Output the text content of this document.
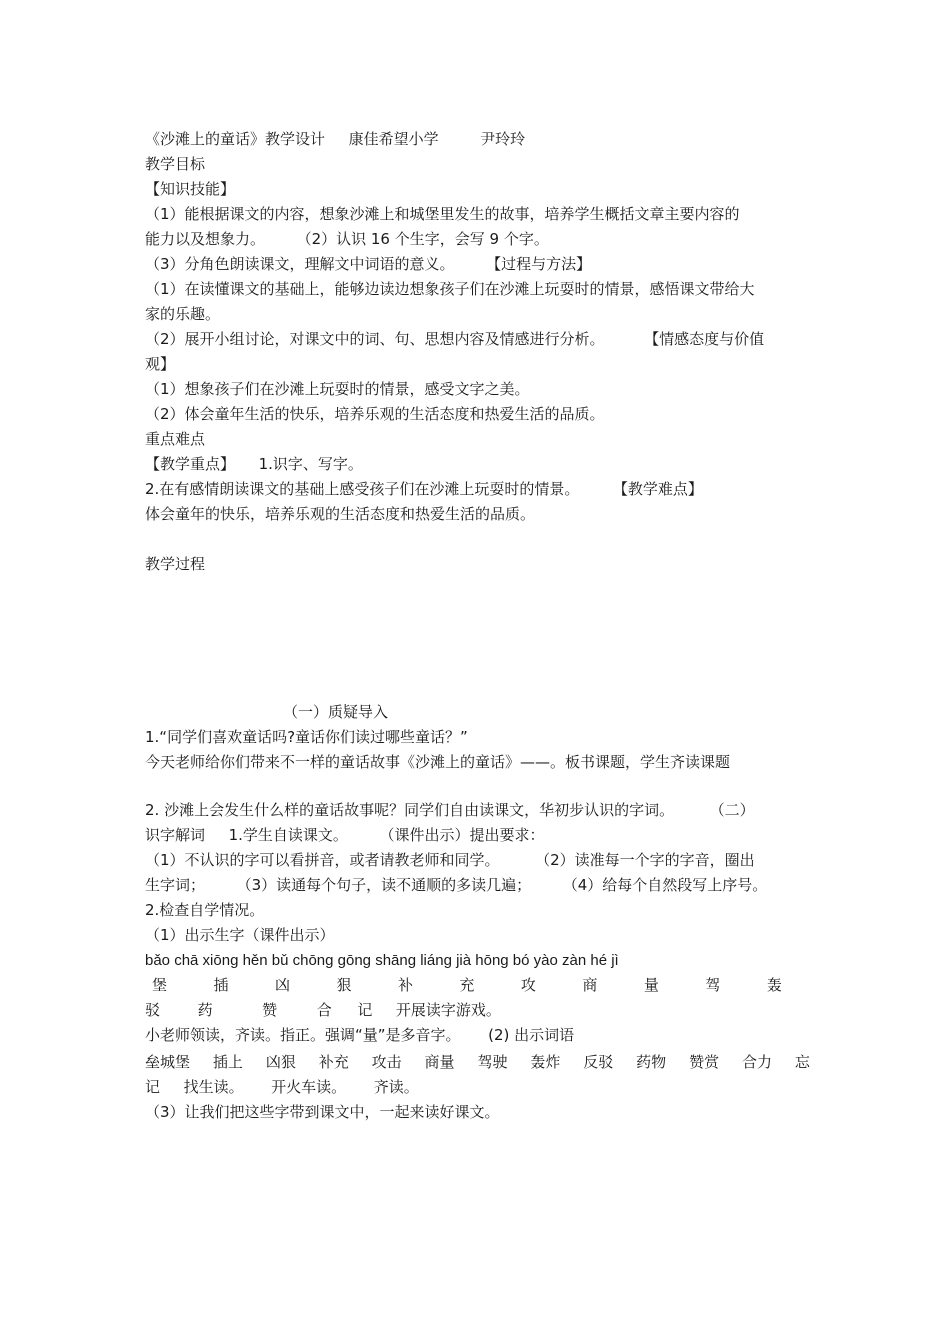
《沙滩上的童话》教学设计 康佳希望小学	尹玲玲
教学目标
【知识技能】
（1）能根据课文的内容，想象沙滩上和城堡里发生的故事，培养学生概括文章主要内容的
能力以及想象力。 （2）认识 16 个生字，会写 9 个字。
（3）分角色朗读课文，理解文中词语的意义。 【过程与方法】
（1）在读懂课文的基础上，能够边读边想象孩子们在沙滩上玩耍时的情景，感悟课文带给大
家的乐趣。
（2）展开小组讨论，对课文中的词、句、思想内容及情感进行分析。	【情感态度与价值
观】
（1）想象孩子们在沙滩上玩耍时的情景，感受文字之美。
（2）体会童年生活的快乐，培养乐观的生活态度和热爱生活的品质。
重点难点
【教学重点】 1.识字、写字。
2.在有感情朗读课文的基础上感受孩子们在沙滩上玩耍时的情景。 【教学难点】
体会童年的快乐，培养乐观的生活态度和热爱生活的品质。
教学过程
（一）质疑导入
1.“同学们喜欢童话吗?童话你们读过哪些童话？”
今天老师给你们带来不一样的童话故事《沙滩上的童话》——。板书课题，学生齐读课题
2. 沙滩上会发生什么样的童话故事呢？同学们自由读课文，华初步认识的字词。 （二）
识字解词 1.学生自读课文。 （课件出示）提出要求：
（1）不认识的字可以看拼音，或者请教老师和同学。 （2）读准每一个字的字音，圈出
生字词； （3）读通每个句子，读不通顺的多读几遍； （4）给每个自然段写上序号。
2.检查自学情况。
（1）出示生字（课件出示）
bǎo chā xiōng hěn bǔ chōng gōng shāng liáng jià hōng bó yào zàn hé jì
堡	插	凶	狠	补	充	攻	商	量	驾	轰
驳	药	赞	合 记 开展读字游戏。
小老师领读，齐读。指正。强调“量”是多音字。 (2) 出示词语
垒城堡 插上 凶狠 补充 攻击 商量 驾驶 轰炸 反驳 药物 赞赏 合力 忘
记 找生读。 开火车读。 齐读。
（3）让我们把这些字带到课文中，一起来读好课文。
